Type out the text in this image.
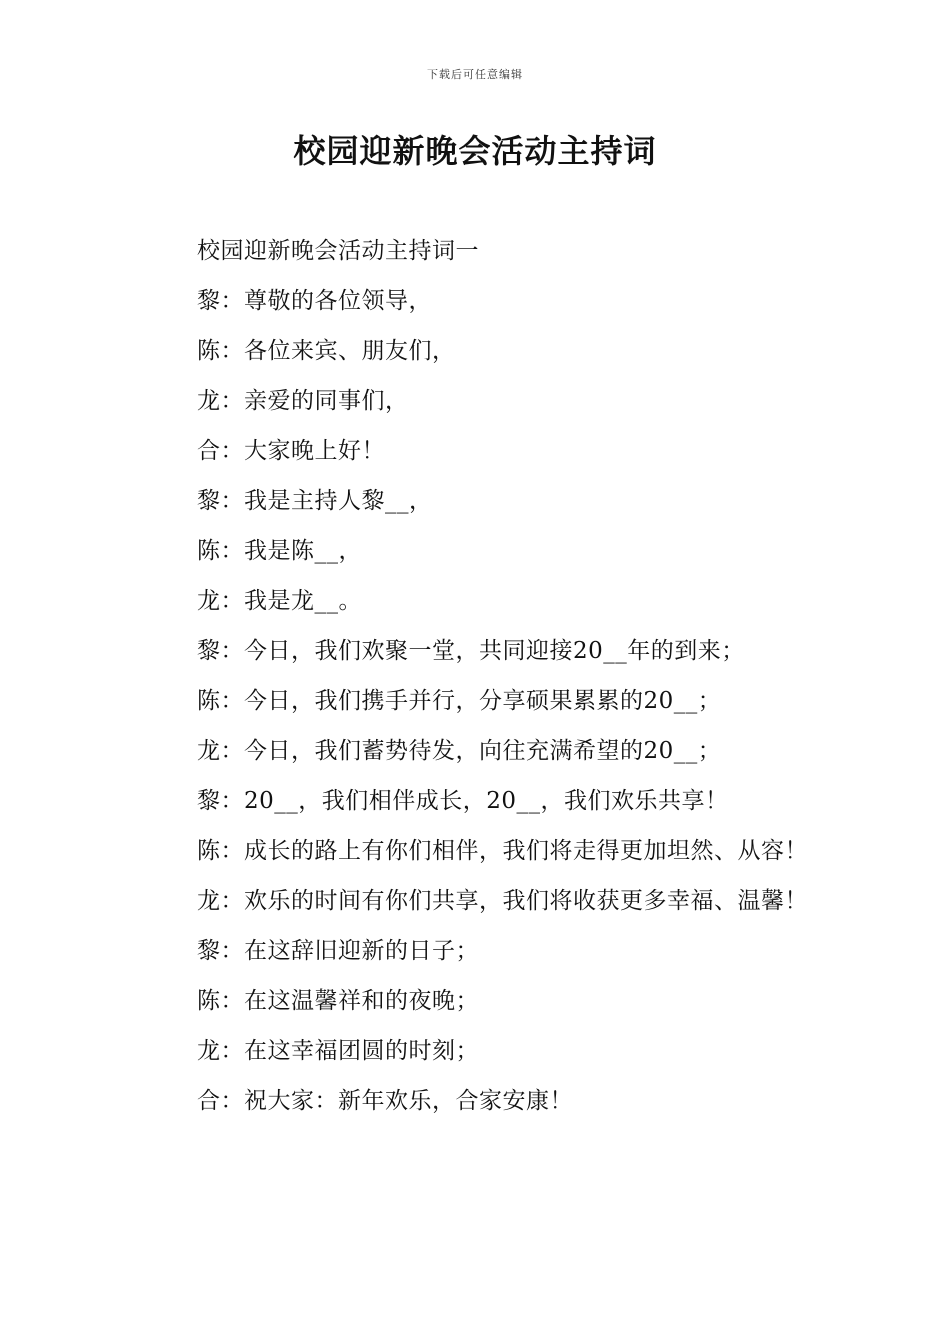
下载后可任意编辑
校园迎新晚会活动主持词

校园迎新晚会活动主持词一

黎：尊敬的各位领导，

陈：各位来宾、朋友们，

龙：亲爱的同事们，

合：大家晚上好！

黎：我是主持人黎__，

陈：我是陈__，

龙：我是龙__。

黎：今日，我们欢聚一堂，共同迎接20__年的到来；

陈：今日，我们携手并行，分享硕果累累的20__；

龙：今日，我们蓄势待发，向往充满希望的20__；

黎：20__，我们相伴成长，20__，我们欢乐共享！

陈：成长的路上有你们相伴，我们将走得更加坦然、从容！

龙：欢乐的时间有你们共享，我们将收获更多幸福、温馨！

黎：在这辞旧迎新的日子；

陈：在这温馨祥和的夜晚；

龙：在这幸福团圆的时刻；

合：祝大家：新年欢乐，合家安康！
